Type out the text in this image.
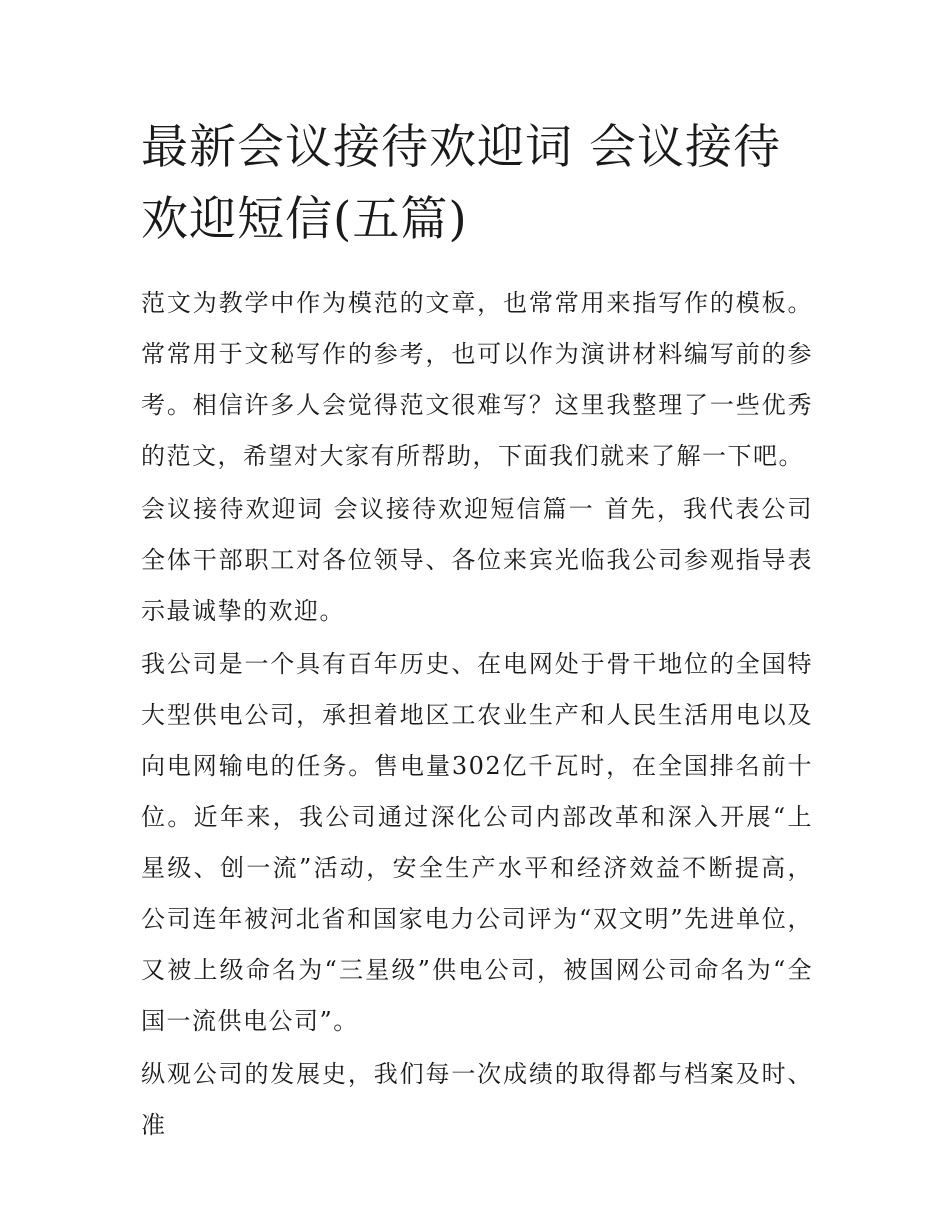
最新会议接待欢迎词 会议接待欢迎短信(五篇)

范文为教学中作为模范的文章，也常常用来指写作的模板。常常用于文秘写作的参考，也可以作为演讲材料编写前的参考。相信许多人会觉得范文很难写？这里我整理了一些优秀的范文，希望对大家有所帮助，下面我们就来了解一下吧。

会议接待欢迎词 会议接待欢迎短信篇一 首先，我代表公司全体干部职工对各位领导、各位来宾光临我公司参观指导表示最诚挚的欢迎。

我公司是一个具有百年历史、在电网处于骨干地位的全国特大型供电公司，承担着地区工农业生产和人民生活用电以及向电网输电的任务。售电量302亿千瓦时，在全国排名前十位。近年来，我公司通过深化公司内部改革和深入开展“上星级、创一流”活动，安全生产水平和经济效益不断提高，公司连年被河北省和国家电力公司评为“双文明”先进单位，又被上级命名为“三星级”供电公司，被国网公司命名为“全国一流供电公司”。

纵观公司的发展史，我们每一次成绩的取得都与档案及时、准
